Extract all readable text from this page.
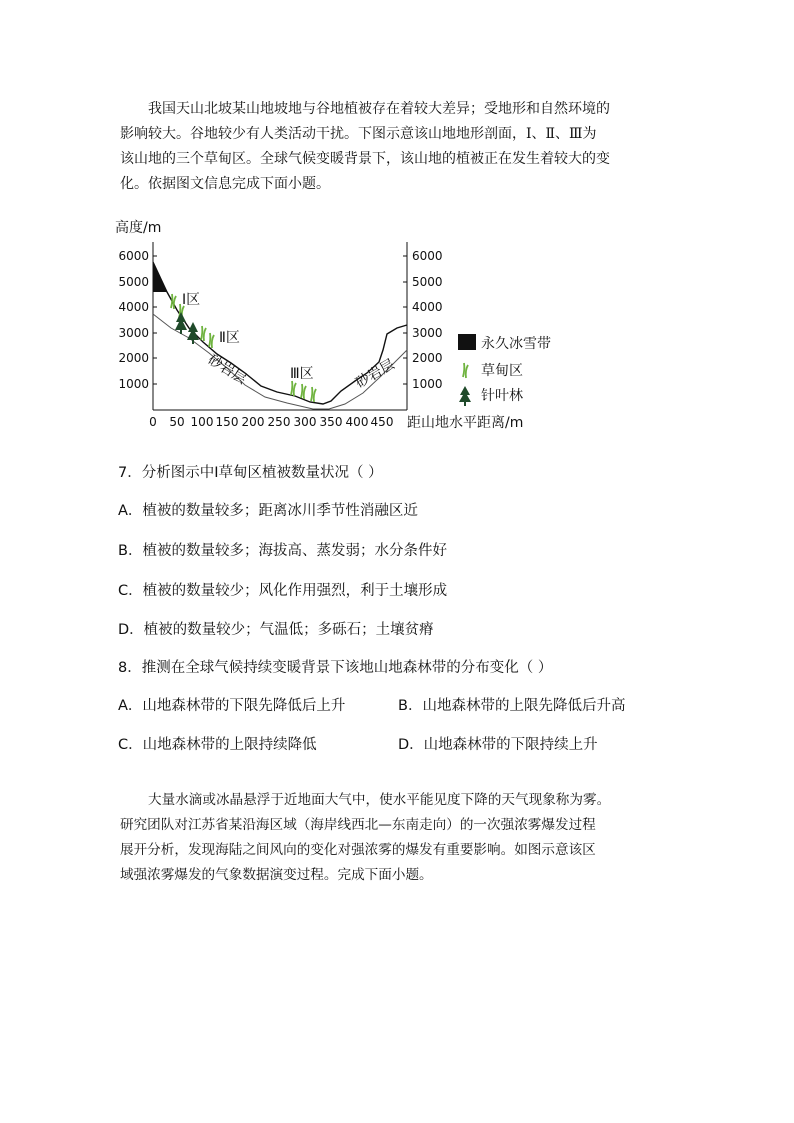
我国天山北坡某山地坡地与谷地植被存在着较大差异；受地形和自然环境的
影响较大。谷地较少有人类活动干扰。下图示意该山地地形剖面，Ⅰ、Ⅱ、Ⅲ为
该山地的三个草甸区。全球气候变暖背景下，该山地的植被正在发生着较大的变
化。依据图文信息完成下面小题。
高度/m
6000
5000
4000
3000
2000
1000
6000
5000
4000
3000
2000
1000
0 50 100 150 200 250 300 350 400 450 距山地水平距离/m
Ⅰ区
Ⅱ区
Ⅲ区
砂岩层	砂岩层
永久冰雪带
草甸区
针叶林
7．分析图示中Ⅰ草甸区植被数量状况（ ）
A．植被的数量较多；距离冰川季节性消融区近
B．植被的数量较多；海拔高、蒸发弱；水分条件好
C．植被的数量较少；风化作用强烈，利于土壤形成
D．植被的数量较少；气温低；多砾石；土壤贫瘠
8．推测在全球气候持续变暖背景下该地山地森林带的分布变化（ ）
A．山地森林带的下限先降低后上升	B．山地森林带的上限先降低后升高
C．山地森林带的上限持续降低	D．山地森林带的下限持续上升
大量水滴或冰晶悬浮于近地面大气中，使水平能见度下降的天气现象称为雾。
研究团队对江苏省某沿海区域（海岸线西北—东南走向）的一次强浓雾爆发过程
展开分析，发现海陆之间风向的变化对强浓雾的爆发有重要影响。如图示意该区
域强浓雾爆发的气象数据演变过程。完成下面小题。
